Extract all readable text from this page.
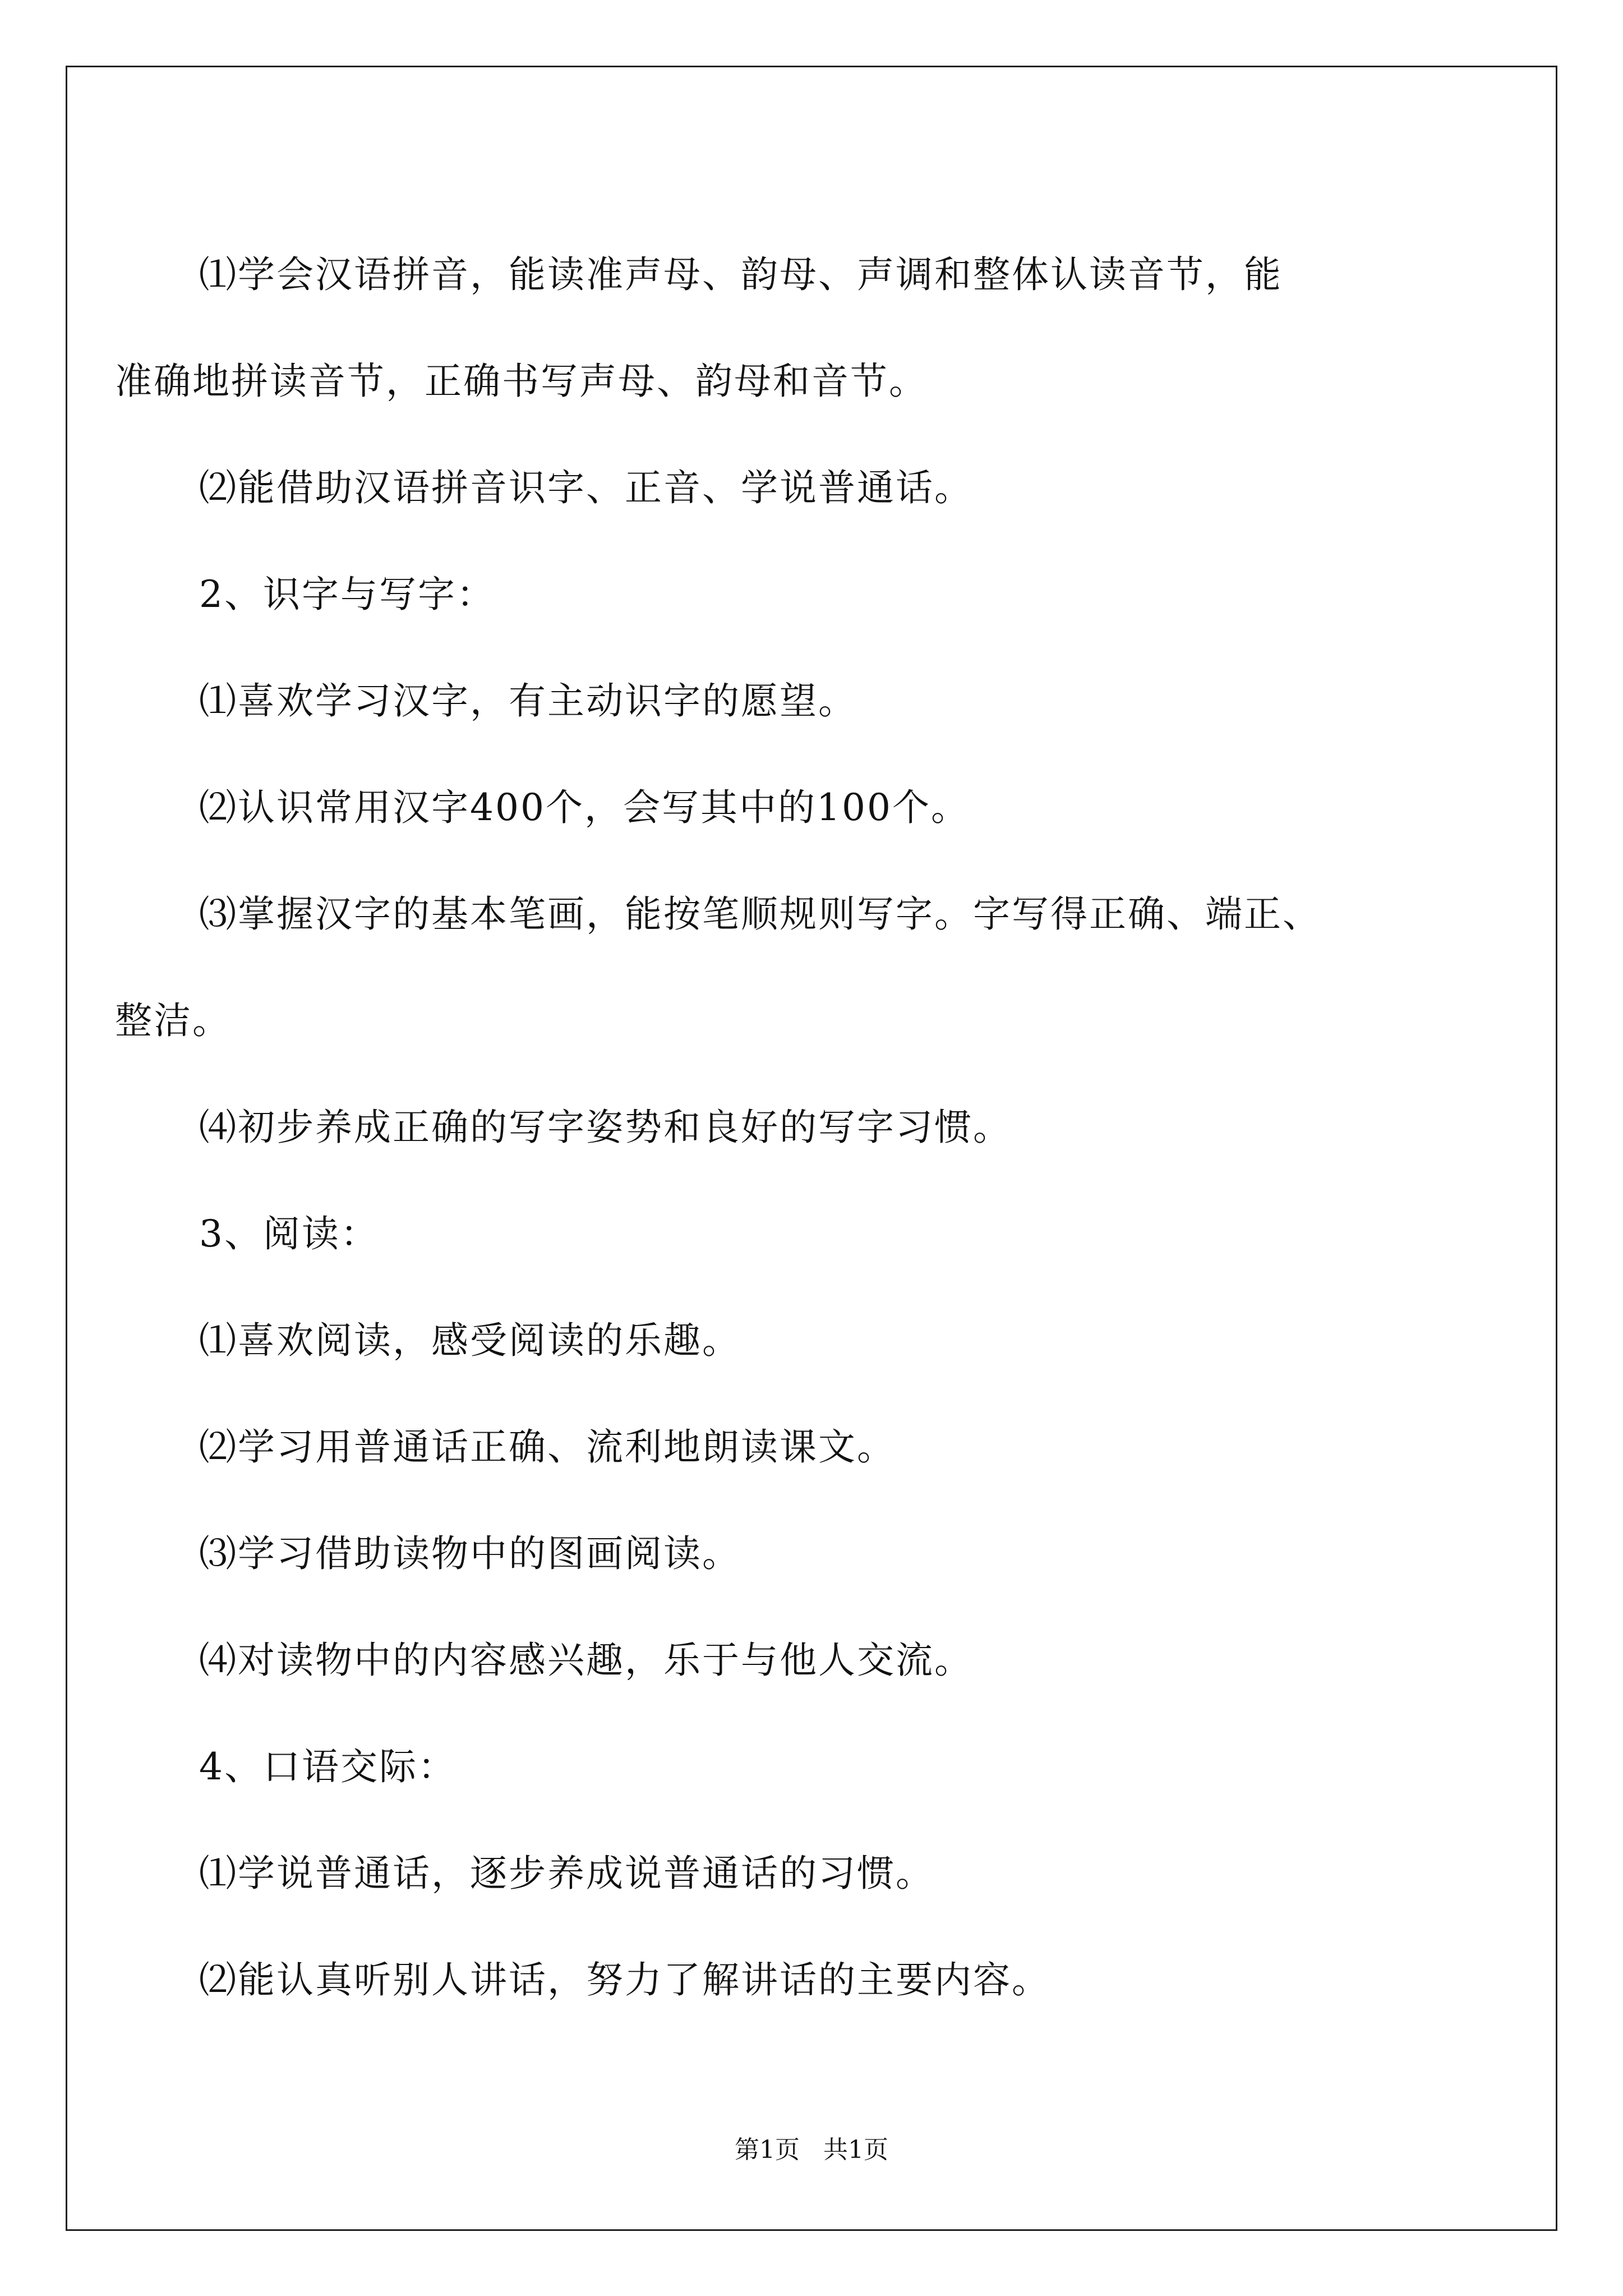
⑴学会汉语拼音，能读准声母、韵母、声调和整体认读音节，能
准确地拼读音节，正确书写声母、韵母和音节。

⑵能借助汉语拼音识字、正音、学说普通话。

2、识字与写字：

⑴喜欢学习汉字，有主动识字的愿望。

⑵认识常用汉字400个，会写其中的100个。

⑶掌握汉字的基本笔画，能按笔顺规则写字。字写得正确、端正、
整洁。

⑷初步养成正确的写字姿势和良好的写字习惯。

3、阅读：

⑴喜欢阅读，感受阅读的乐趣。

⑵学习用普通话正确、流利地朗读课文。

⑶学习借助读物中的图画阅读。

⑷对读物中的内容感兴趣，乐于与他人交流。

4、口语交际：

⑴学说普通话，逐步养成说普通话的习惯。

⑵能认真听别人讲话，努力了解讲话的主要内容。

第1页 共1页
